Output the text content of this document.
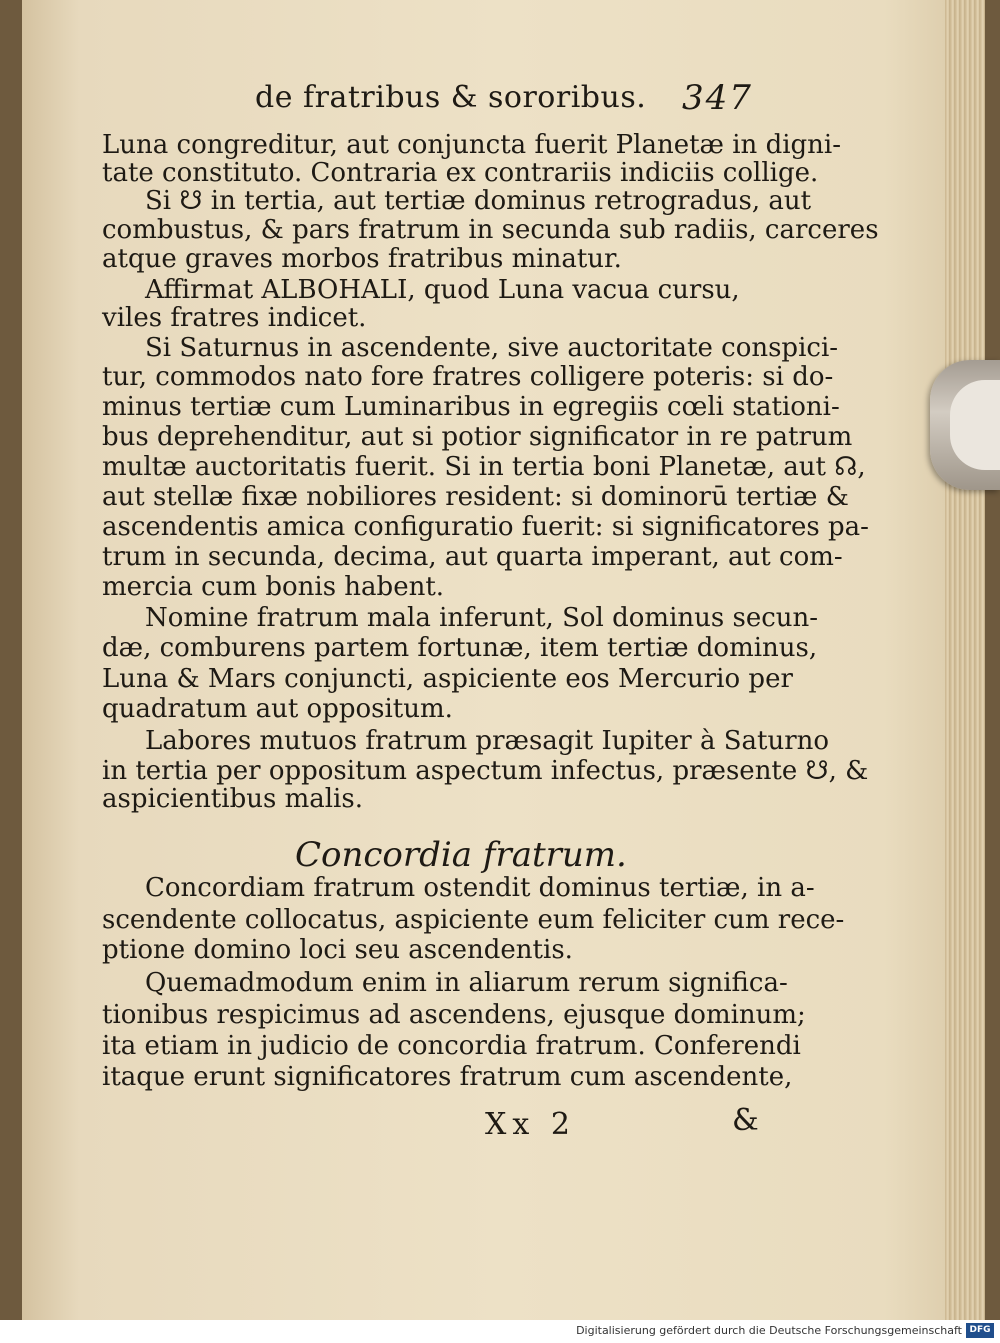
de fratribus & sororibus. 347
Luna congreditur, aut conjuncta fuerit Planetæ in digni-
tate constituto. Contraria ex contrariis indiciis collige.
Si ☋ in tertia, aut tertiæ dominus retrogradus, aut
combustus, & pars fratrum in secunda sub radiis, carceres
atque graves morbos fratribus minatur.
Affirmat ALBOHALI, quod Luna vacua cursu,
viles fratres indicet.
Si Saturnus in ascendente, sive auctoritate conspici-
tur, commodos nato fore fratres colligere poteris: si do-
minus tertiæ cum Luminaribus in egregiis cœli stationi-
bus deprehenditur, aut si potior significator in re patrum
multæ auctoritatis fuerit. Si in tertia boni Planetæ, aut ☊,
aut stellæ fixæ nobiliores resident: si dominorū tertiæ &
ascendentis amica configuratio fuerit: si significatores pa-
trum in secunda, decima, aut quarta imperant, aut com-
mercia cum bonis habent.
Nomine fratrum mala inferunt, Sol dominus secun-
dæ, comburens partem fortunæ, item tertiæ dominus,
Luna & Mars conjuncti, aspiciente eos Mercurio per
quadratum aut oppositum.
Labores mutuos fratrum præsagit Iupiter à Saturno
in tertia per oppositum aspectum infectus, præsente ☋, &
aspicientibus malis.
Concordia fratrum.
Concordiam fratrum ostendit dominus tertiæ, in a-
scendente collocatus, aspiciente eum feliciter cum rece-
ptione domino loci seu ascendentis.
Quemadmodum enim in aliarum rerum significa-
tionibus respicimus ad ascendens, ejusque dominum;
ita etiam in judicio de concordia fratrum. Conferendi
itaque erunt significatores fratrum cum ascendente,
Xx 2	&
Digitalisierung gefördert durch die Deutsche Forschungsgemeinschaft DFG
